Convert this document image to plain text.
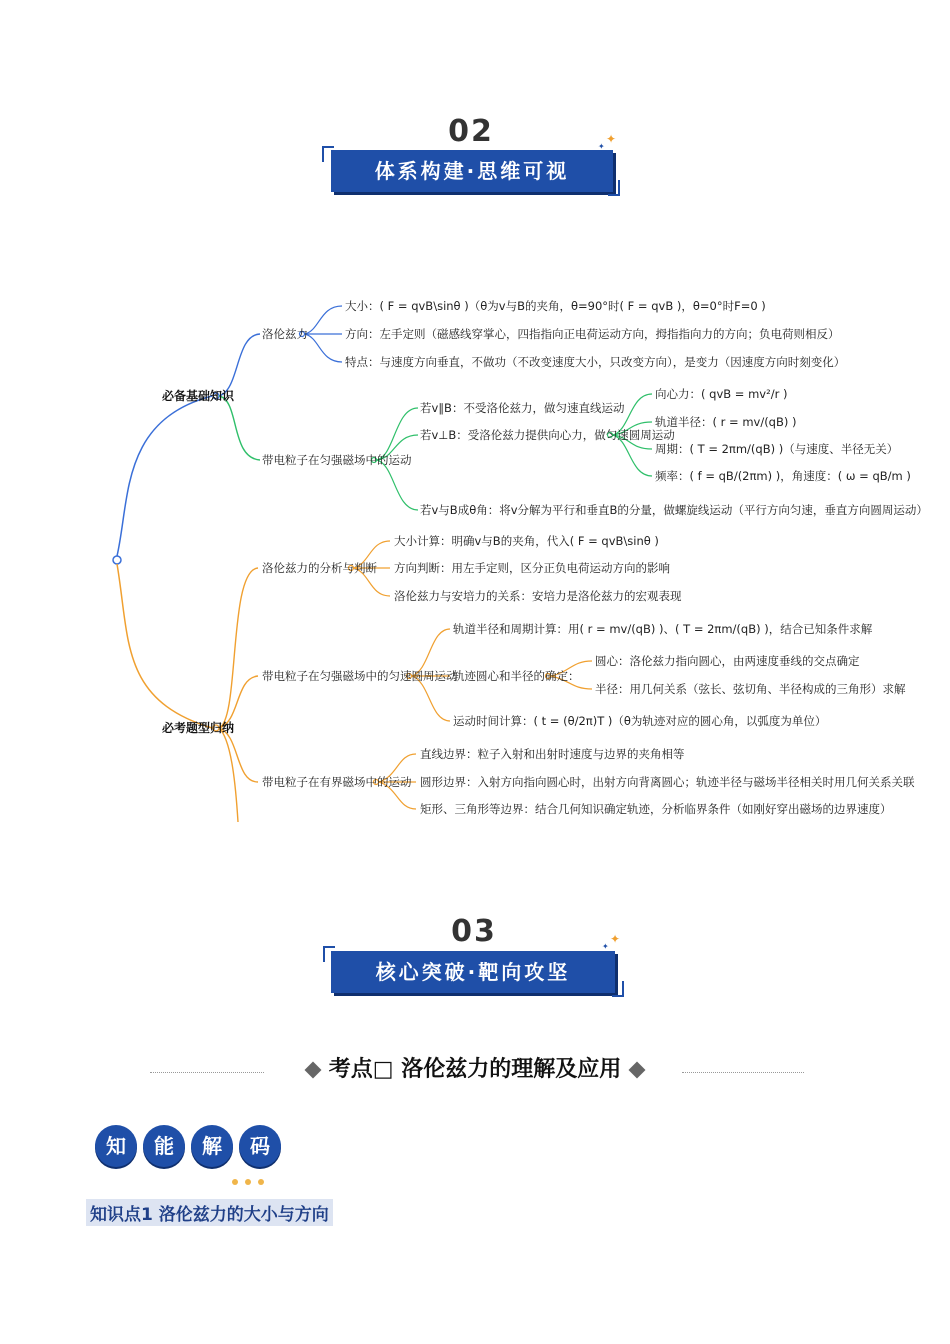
02
体系构建·思维可视
✦
✦
必备基础知识
洛伦兹力
大小：( F = qvB\sinθ )（θ为v与B的夹角，θ=90°时( F = qvB )，θ=0°时F=0 )
方向：左手定则（磁感线穿掌心，四指指向正电荷运动方向，拇指指向力的方向；负电荷则相反）
特点：与速度方向垂直，不做功（不改变速度大小，只改变方向），是变力（因速度方向时刻变化）
带电粒子在匀强磁场中的运动
若v∥B：不受洛伦兹力，做匀速直线运动
若v⊥B：受洛伦兹力提供向心力，做匀速圆周运动
若v与B成θ角：将v分解为平行和垂直B的分量，做螺旋线运动（平行方向匀速，垂直方向圆周运动）
向心力：( qvB = mv²/r )
轨道半径：( r = mv/(qB) )
周期：( T = 2πm/(qB) )（与速度、半径无关）
频率：( f = qB/(2πm) )，角速度：( ω = qB/m )
必考题型归纳
洛伦兹力的分析与判断
大小计算：明确v与B的夹角，代入( F = qvB\sinθ )
方向判断：用左手定则，区分正负电荷运动方向的影响
洛伦兹力与安培力的关系：安培力是洛伦兹力的宏观表现
带电粒子在匀强磁场中的匀速圆周运动
轨道半径和周期计算：用( r = mv/(qB) )、( T = 2πm/(qB) )，结合已知条件求解
轨迹圆心和半径的确定：
运动时间计算：( t = (θ/2π)T )（θ为轨迹对应的圆心角，以弧度为单位）
圆心：洛伦兹力指向圆心，由两速度垂线的交点确定
半径：用几何关系（弦长、弦切角、半径构成的三角形）求解
带电粒子在有界磁场中的运动
直线边界：粒子入射和出射时速度与边界的夹角相等
圆形边界：入射方向指向圆心时，出射方向背离圆心；轨迹半径与磁场半径相关时用几何关系关联
矩形、三角形等边界：结合几何知识确定轨迹，分析临界条件（如刚好穿出磁场的边界速度）
03
核心突破·靶向攻坚
✦
✦
考点□ 洛伦兹力的理解及应用
知	能	解	码
知识点1 洛伦兹力的大小与方向
